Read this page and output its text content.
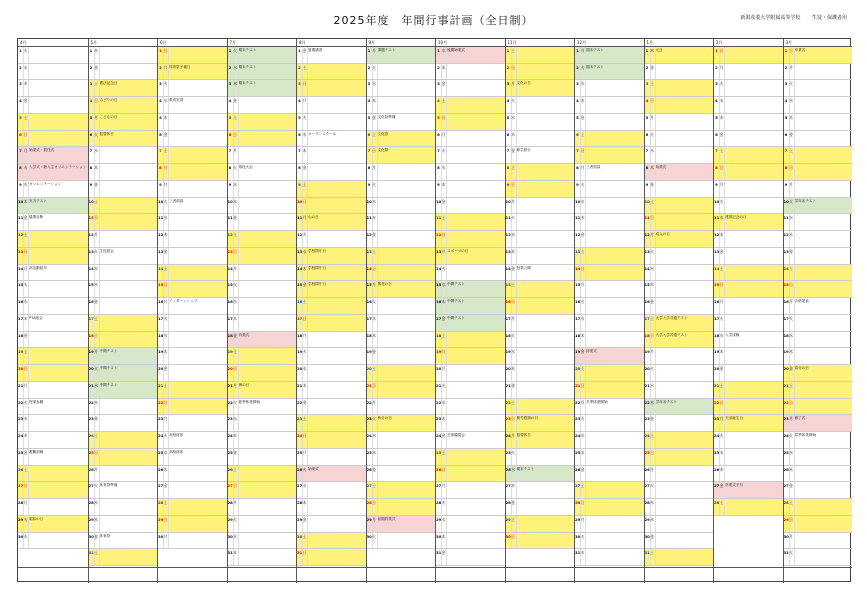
2025年度　年間行事計画（全日制）	新潟産業大学附属高等学校 生徒・保護者用
4月
1 火
2 水
3 木
4 金
5 土
6 日
7 月 始業式・着任式
8 火 入学式・新入生オリエンテーション
9 水 オリエンテーション
10 木 実力テスト
11 金 健康診断
12 土
13 日
14 月 部活動紹介
15 火
16 水
17 木 PTA総会
18 金
19 土
20 日
21 月
22 火 授業参観
23 水
24 木
25 金 避難訓練
26 土
27 日
28 月
29 火 昭和の日
30 水
5月
1 木
2 金
3 土 憲法記念日
4 日 みどりの日
5 月 こどもの日
6 火 振替休日
7 水
8 木
9 金
10 土
11 日
12 月
13 火 生徒総会
14 水
15 木
16 金
17 土
18 日
19 月 中間テスト
20 火 中間テスト
21 水 中間テスト
22 木
23 金
24 土
25 日
26 月
27 火 体育祭準備
28 水
29 木
30 金 体育祭
31 土
6月
1 日
2 月 体育祭予備日
3 火
4 水 教育実習
5 木
6 金
7 土
8 日
9 月
10 火 三者面談
11 水
12 木
13 金
14 土
15 日
16 月 インターンシップ
17 火
18 水
19 木
20 金
21 土
22 日
23 月
24 火 高校総体
25 水 高校総体
26 木
27 金
28 土
29 日
30 月
7月
1 火 期末テスト
2 水 期末テスト
3 木 期末テスト
4 金
5 土
6 日
7 月
8 火 球技大会
9 水
10 木
11 金
12 土
13 日
14 月
15 火
16 水
17 木
18 金 終業式
19 土
20 日
21 月 海の日
22 火 夏季休業開始
23 水
24 木
25 金
26 土
27 日
28 月
29 火
30 水
31 木
8月
1 金 夏期講習
2 土
3 日
4 月
5 火
6 水 オープンスクール
7 木
8 金
9 土
10 日
11 月 山の日
12 火
13 水 学校閉庁日
14 木 学校閉庁日
15 金 学校閉庁日
16 土
17 日
18 月
19 火
20 水
21 木
22 金
23 土
24 日
25 月
26 火 始業式
27 水
28 木
29 金
30 土
31 日
9月
1 月 課題テスト
2 火
3 水
4 木
5 金 文化祭準備
6 土 文化祭
7 日 文化祭
8 月
9 火
10 水
11 木
12 金
13 土
14 日
15 月 敬老の日
16 火
17 水
18 木
19 金
20 土
21 日
22 月
23 火 秋分の日
24 水
25 木
26 金
27 土
28 日
29 月 前期終業式
30 火
10月
1 水 後期始業式
2 木
3 金
4 土
5 日
6 月
7 火
8 水
9 木
10 金
11 土
12 日
13 月 スポーツの日
14 火
15 水 中間テスト
16 木 中間テスト
17 金 中間テスト
18 土
19 日
20 月
21 火
22 水
23 木
24 金 芸術鑑賞会
25 土
26 日
27 月
28 火
29 水
30 木
31 金
11月
1 土
2 日
3 月 文化の日
4 火
5 水
6 木
7 金 修学旅行
8 土
9 日
10 月
11 火
12 水
13 木
14 金 授業公開
15 土
16 日
17 月
18 火
19 水
20 木
21 金
22 土
23 日 勤労感謝の日
24 月 振替休日
25 火
26 水 期末テスト
27 木
28 金
29 土
30 日
12月
1 月 期末テスト
2 火 期末テスト
3 水
4 木
5 金
6 土
7 日
8 月 三者面談
9 火
10 水
11 木
12 金
13 土
14 日
15 月
16 火
17 水
18 木
19 金 終業式
20 土
21 日
22 月 冬季休業開始
23 火
24 水
25 木
26 金
27 土
28 日
29 月
30 火
31 水
1月
1 木 元日
2 金
3 土
4 日
5 月
6 火
7 水
8 木 始業式
9 金
10 土
11 日
12 月 成人の日
13 火
14 水
15 木
16 金
17 土 大学入学共通テスト
18 日 大学入学共通テスト
19 月
20 火
21 水
22 木 学年末テスト
23 金
24 土
25 日
26 月
27 火
28 水
29 木
30 金
31 土
2月
1 日
2 月
3 火
4 水
5 木
6 金
7 土
8 日
9 月
10 火
11 水 建国記念の日
12 木
13 金
14 土
15 日
16 月
17 火
18 水 入学試験
19 木
20 金
21 土
22 日
23 月 天皇誕生日
24 火
25 水
26 木
27 金 卒業式予行
28 土
3月
1 日 卒業式
2 月
3 火
4 水
5 木
6 金
7 土
8 日
9 月
10 火 学年末テスト
11 水
12 木
13 金
14 土
15 日
16 月 合格発表
17 火
18 水
19 木
20 金 春分の日
21 土
22 日
23 月 修了式
24 火 春季休業開始
25 水
26 木
27 金
28 土
29 日
30 月
31 火
